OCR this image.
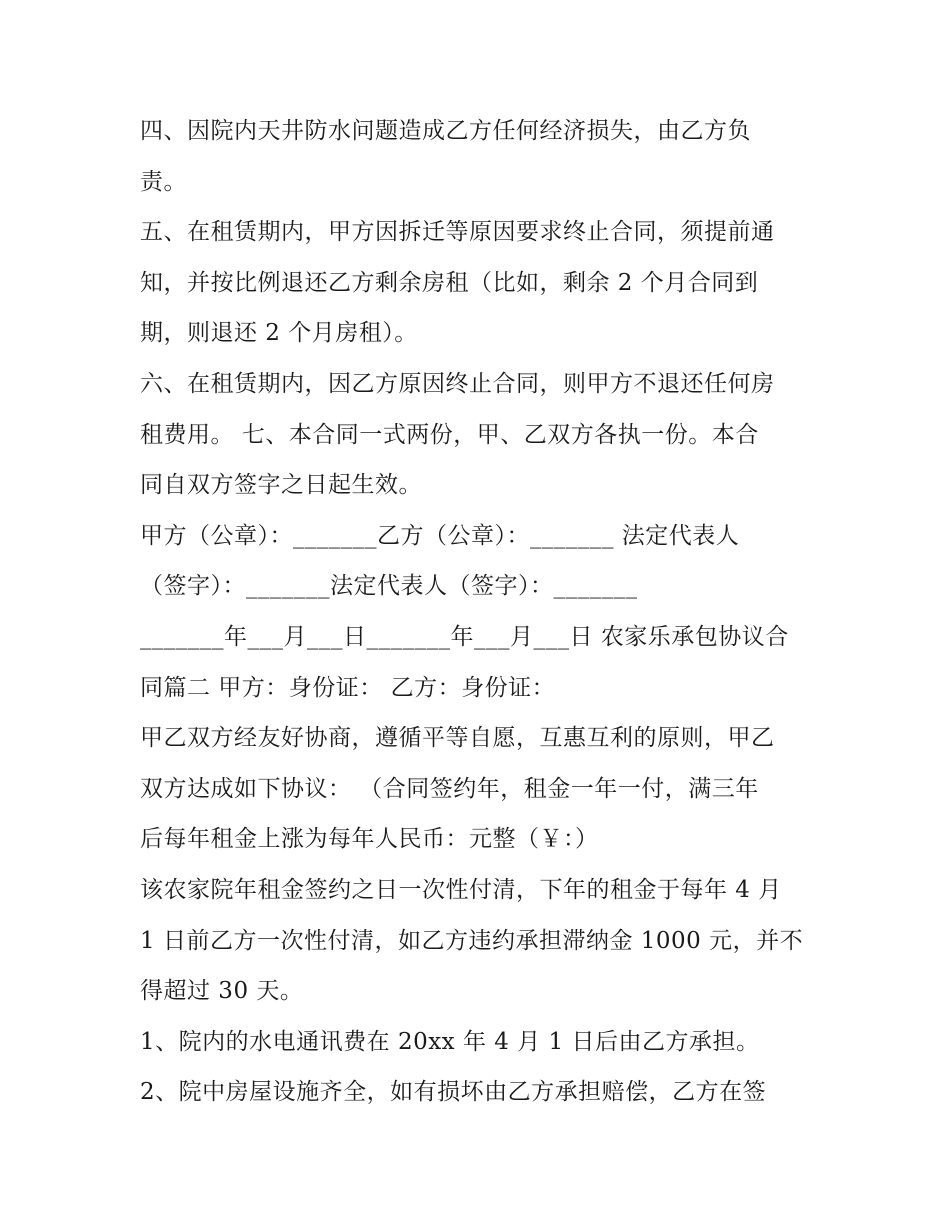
四、因院内天井防水问题造成乙方任何经济损失，由乙方负
责。
五、在租赁期内，甲方因拆迁等原因要求终止合同，须提前通
知，并按比例退还乙方剩余房租（比如，剩余 2 个月合同到
期，则退还 2 个月房租）。
六、在租赁期内，因乙方原因终止合同，则甲方不退还任何房
租费用。 七、本合同一式两份，甲、乙双方各执一份。本合
同自双方签字之日起生效。
甲方（公章）：_______乙方（公章）：_______ 法定代表人
（签字）：_______法定代表人（签字）：_______
_______年___月___日_______年___月___日 农家乐承包协议合
同篇二 甲方：身份证： 乙方：身份证：
甲乙双方经友好协商，遵循平等自愿，互惠互利的原则，甲乙
双方达成如下协议： （合同签约年，租金一年一付，满三年
后每年租金上涨为每年人民币：元整（￥：）
该农家院年租金签约之日一次性付清，下年的租金于每年 4 月
1 日前乙方一次性付清，如乙方违约承担滞纳金 1000 元，并不
得超过 30 天。
1、院内的水电通讯费在 20xx 年 4 月 1 日后由乙方承担。
2、院中房屋设施齐全，如有损坏由乙方承担赔偿，乙方在签
